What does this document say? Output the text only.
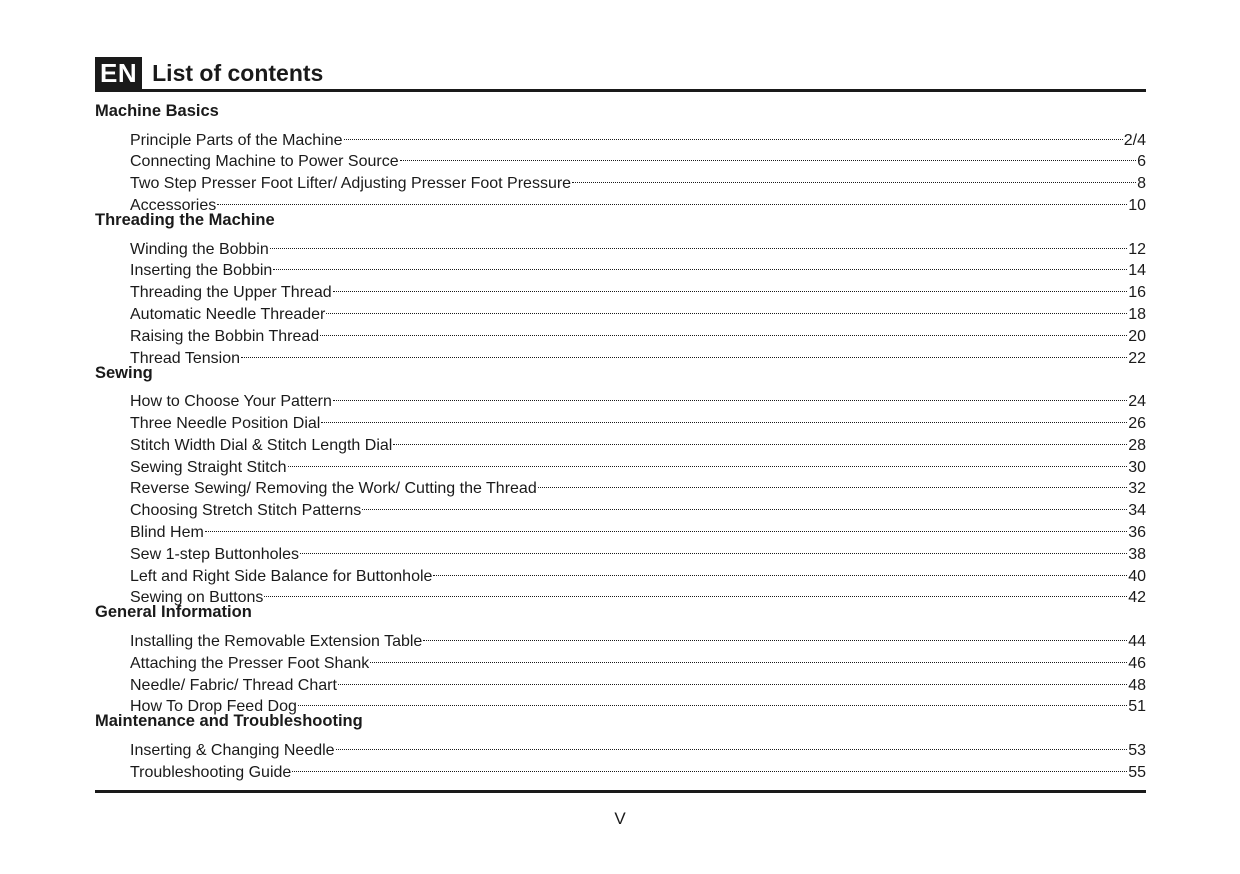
EN List of contents
Machine Basics
Principle Parts of the Machine	2/4
Connecting Machine to Power Source	6
Two Step Presser Foot Lifter/ Adjusting Presser Foot Pressure	8
Accessories	10
Threading the Machine
Winding the Bobbin	12
Inserting the Bobbin	14
Threading the Upper Thread	16
Automatic Needle Threader	18
Raising the Bobbin Thread	20
Thread Tension	22
Sewing
How to Choose Your Pattern	24
Three Needle Position Dial	26
Stitch Width Dial & Stitch Length Dial	28
Sewing Straight Stitch	30
Reverse Sewing/ Removing the Work/ Cutting the Thread	32
Choosing Stretch Stitch Patterns	34
Blind Hem	36
Sew 1-step Buttonholes	38
Left and Right Side Balance for Buttonhole	40
Sewing on Buttons	42
General Information
Installing the Removable Extension Table	44
Attaching the Presser Foot Shank	46
Needle/ Fabric/ Thread Chart	48
How To Drop Feed Dog	51
Maintenance and Troubleshooting
Inserting & Changing Needle	53
Troubleshooting Guide	55
V
